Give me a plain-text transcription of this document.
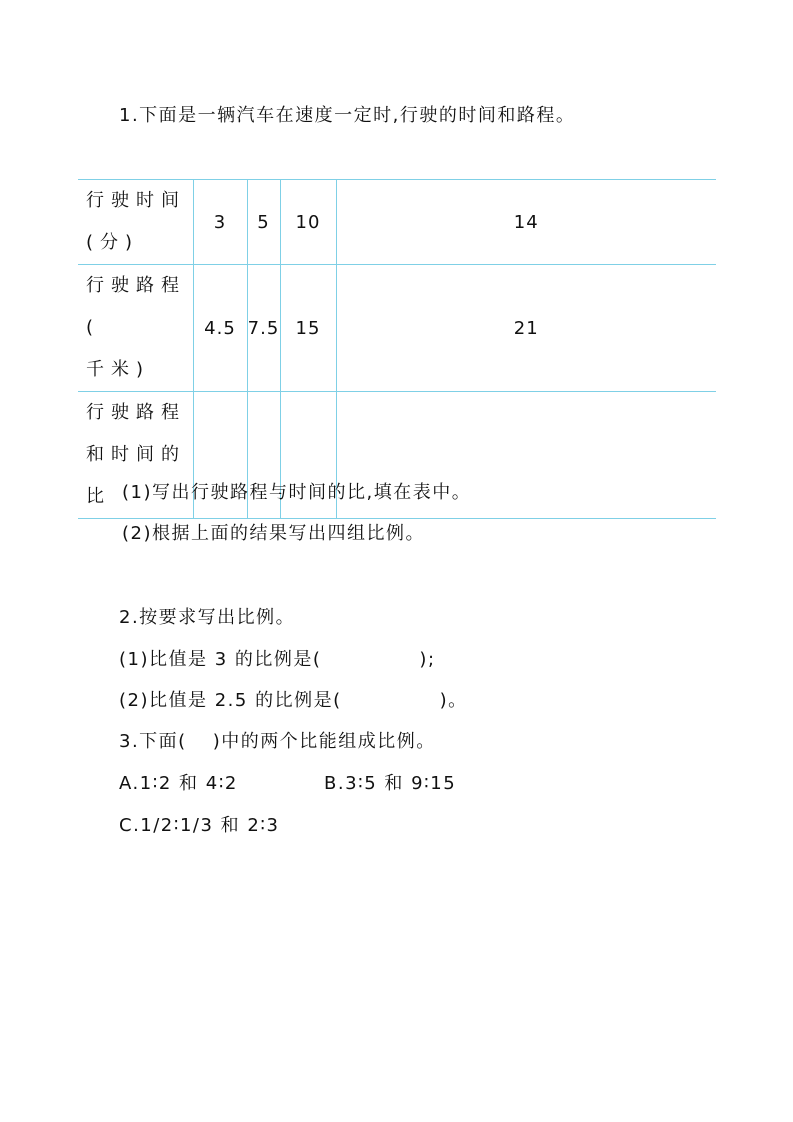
1.下面是一辆汽车在速度一定时,行驶的时间和路程。
行驶时间
(分)	3	5	10	14

行驶路程(
千米)	4.5	7.5	15	21

行驶路程
和时间的
比				
				(1)写出行驶路程与时间的比,填在表中。
(2)根据上面的结果写出四组比例。
2.按要求写出比例。
(1)比值是 3 的比例是(	);
(2)比值是 2.5 的比例是(	)。
3.下面( )中的两个比能组成比例。
A.1∶2 和 4∶2	B.3∶5 和 9∶15
C.1/2∶1/3 和 2∶3
